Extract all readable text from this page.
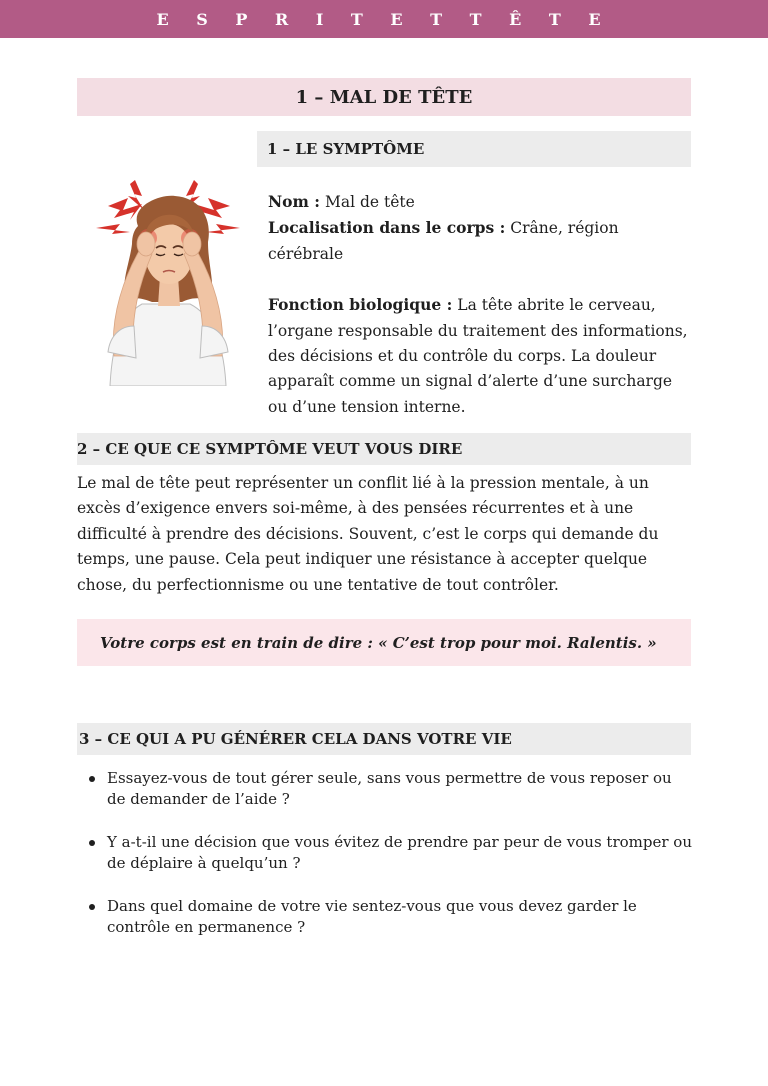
E S P R I T E T T Ê T E
1 – MAL DE TÊTE
1 – LE SYMPTÔME

Nom : Mal de tête

Localisation dans le corps : Crâne, région cérébrale

Fonction biologique : La tête abrite le cerveau, l’organe responsable du traitement des informations, des décisions et du contrôle du corps. La douleur apparaît comme un signal d’alerte d’une surcharge ou d’une tension interne.

2 – CE QUE CE SYMPTÔME VEUT VOUS DIRE

Le mal de tête peut représenter un conflit lié à la pression mentale, à un excès d’exigence envers soi-même, à des pensées récurrentes et à une difficulté à prendre des décisions. Souvent, c’est le corps qui demande du temps, une pause. Cela peut indiquer une résistance à accepter quelque chose, du perfectionnisme ou une tentative de tout contrôler.

Votre corps est en train de dire : « C’est trop pour moi. Ralentis. »
3 – CE QUI A PU GÉNÉRER CELA DANS VOTRE VIE
Essayez-vous de tout gérer seule, sans vous permettre de vous reposer ou de demander de l’aide ?
Y a-t-il une décision que vous évitez de prendre par peur de vous tromper ou de déplaire à quelqu’un ?
Dans quel domaine de votre vie sentez-vous que vous devez garder le contrôle en permanence ?
